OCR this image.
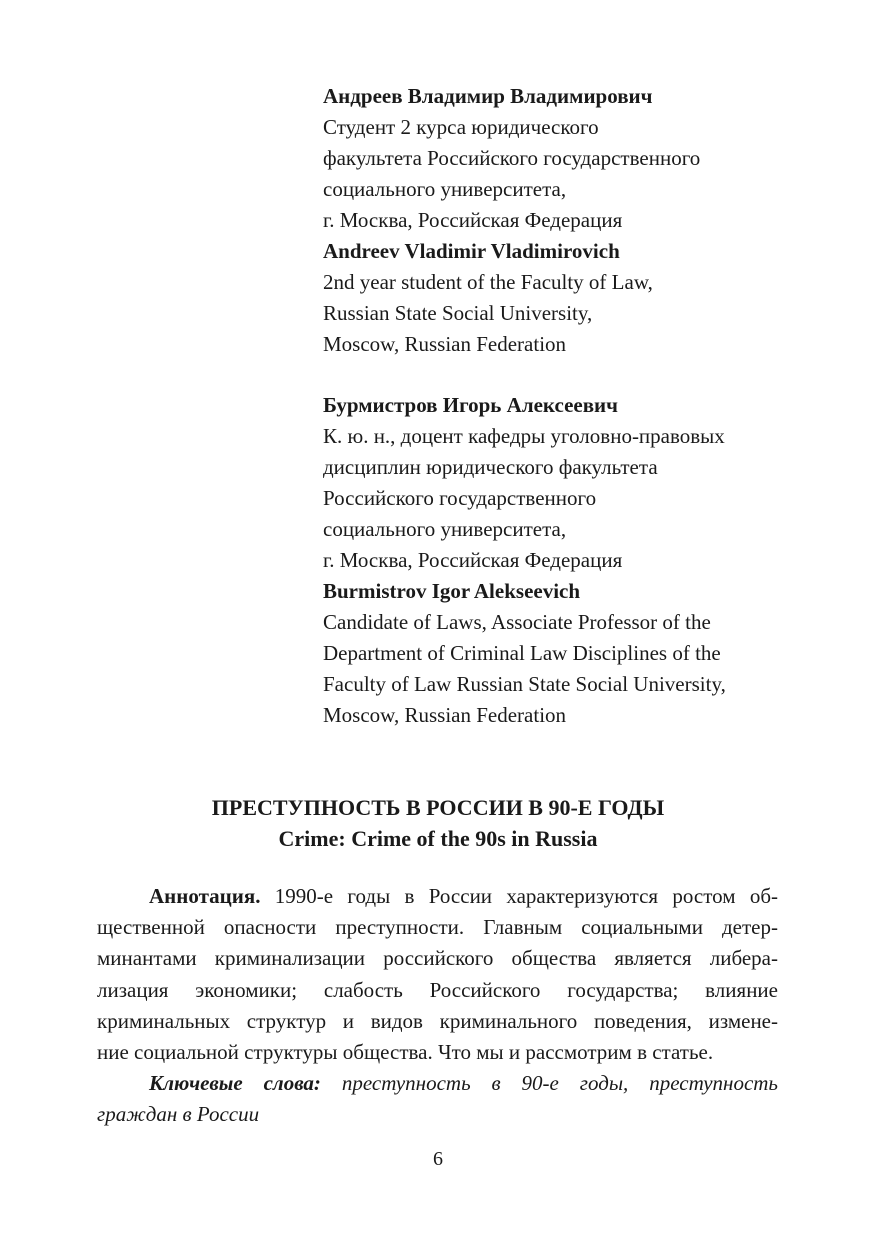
Андреев Владимир Владимирович
Студент 2 курса юридического
факультета Российского государственного
социального университета,
г. Москва, Российская Федерация
Andreev Vladimir Vladimirovich
2nd year student of the Faculty of Law,
Russian State Social University,
Moscow, Russian Federation
Бурмистров Игорь Алексеевич
К. ю. н., доцент кафедры уголовно-правовых
дисциплин юридического факультета
Российского государственного
социального университета,
г. Москва, Российская Федерация
Burmistrov Igor Alekseevich
Candidate of Laws, Associate Professor of the
Department of Criminal Law Disciplines of the
Faculty of Law Russian State Social University,
Moscow, Russian Federation
ПРЕСТУПНОСТЬ В РОССИИ В 90-Е ГОДЫ
Crime: Crime of the 90s in Russia
Аннотация. 1990-е годы в России характеризуются ростом об-
щественной опасности преступности. Главным социальными детер-
минантами криминализации российского общества является либера-
лизация экономики; слабость Российского государства; влияние
криминальных структур и видов криминального поведения, измене-
ние социальной структуры общества. Что мы и рассмотрим в статье.
Ключевые слова: преступность в 90-е годы, преступность
граждан в России
6
